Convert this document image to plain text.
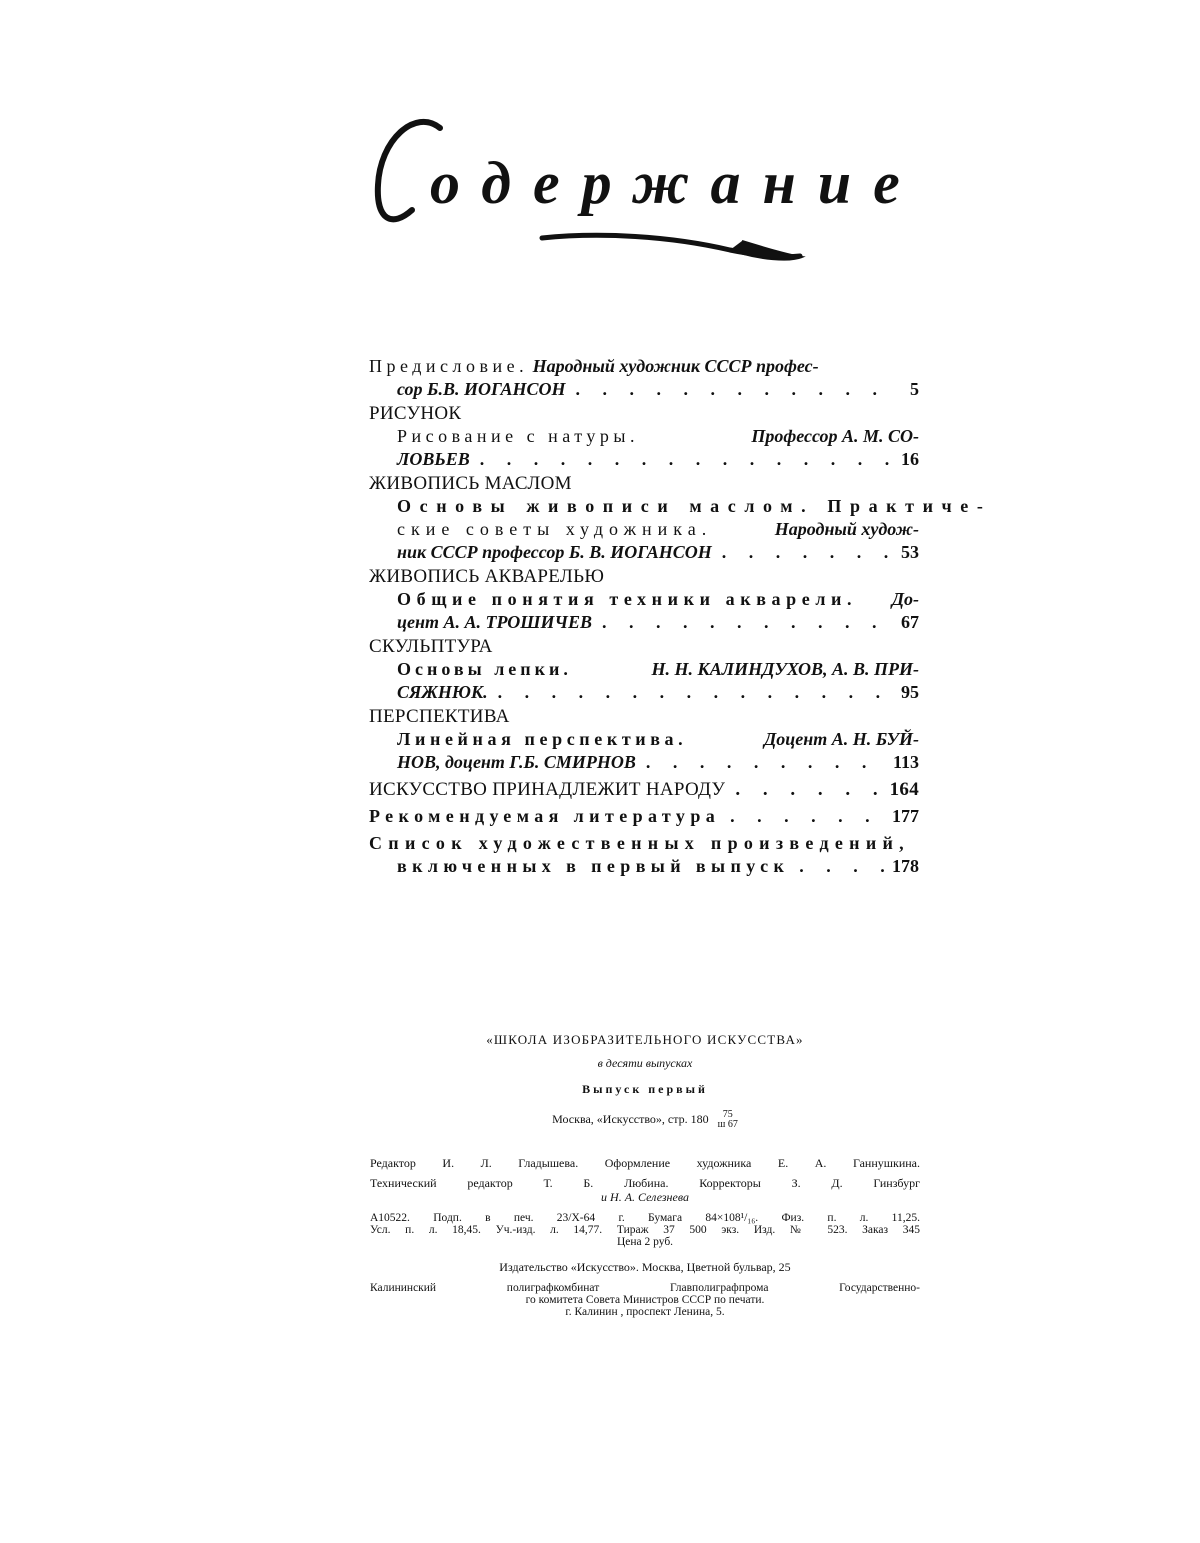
одержание
Предисловие. Народный художник СССР профес-
сор Б.В. ИОГАНСОН . . .	5
РИСУНОК
Рисование с натуры.	Профессор А. М. СО-
ЛОВЬЕВ . . .	16
ЖИВОПИСЬ МАСЛОМ
Основы живописи маслом. Практиче-
ские советы художника.	Народный худож-
ник СССР профессор Б. В. ИОГАНСОН . . .	53
ЖИВОПИСЬ АКВАРЕЛЬЮ
Общие понятия техники акварели. До-
цент А. А. ТРОШИЧЕВ . . .	67
СКУЛЬПТУРА
Основы лепки.	Н. Н. КАЛИНДУХОВ, А. В. ПРИ-
СЯЖНЮК. . . .	95
ПЕРСПЕКТИВА
Линейная перспектива.	Доцент А. Н. БУЙ-
НОВ, доцент Г.Б. СМИРНОВ . . .	113
ИСКУССТВО ПРИНАДЛЕЖИТ НАРОДУ . . .	164
Рекомендуемая литература . . .	177
Список художественных произведений,
включенных в первый выпуск . . .	178
«ШКОЛА ИЗОБРАЗИТЕЛЬНОГО ИСКУССТВА»
в десяти выпусках
Выпуск первый
Москва, «Искусство», стр. 180 75
ш 67
Редактор И. Л. Гладышева. Оформление художника Е. А. Ганнушкина.
Технический редактор Т. Б. Любина. Корректоры З. Д. Гинзбург
и Н. А. Селезнева
А10522. Подп. в печ. 23/Х-64 г. Бумага 84×108¹/₁₆. Физ. п. л. 11,25.
Усл. п. л. 18,45. Уч.-изд. л. 14,77. Тираж 37 500 экз. Изд. № 523. Заказ 345
Цена 2 руб.
Издательство «Искусство». Москва, Цветной бульвар, 25
Калининский полиграфкомбинат Главполиграфпрома Государственно-
го комитета Совета Министров СССР по печати.
г. Калинин , проспект Ленина, 5.
